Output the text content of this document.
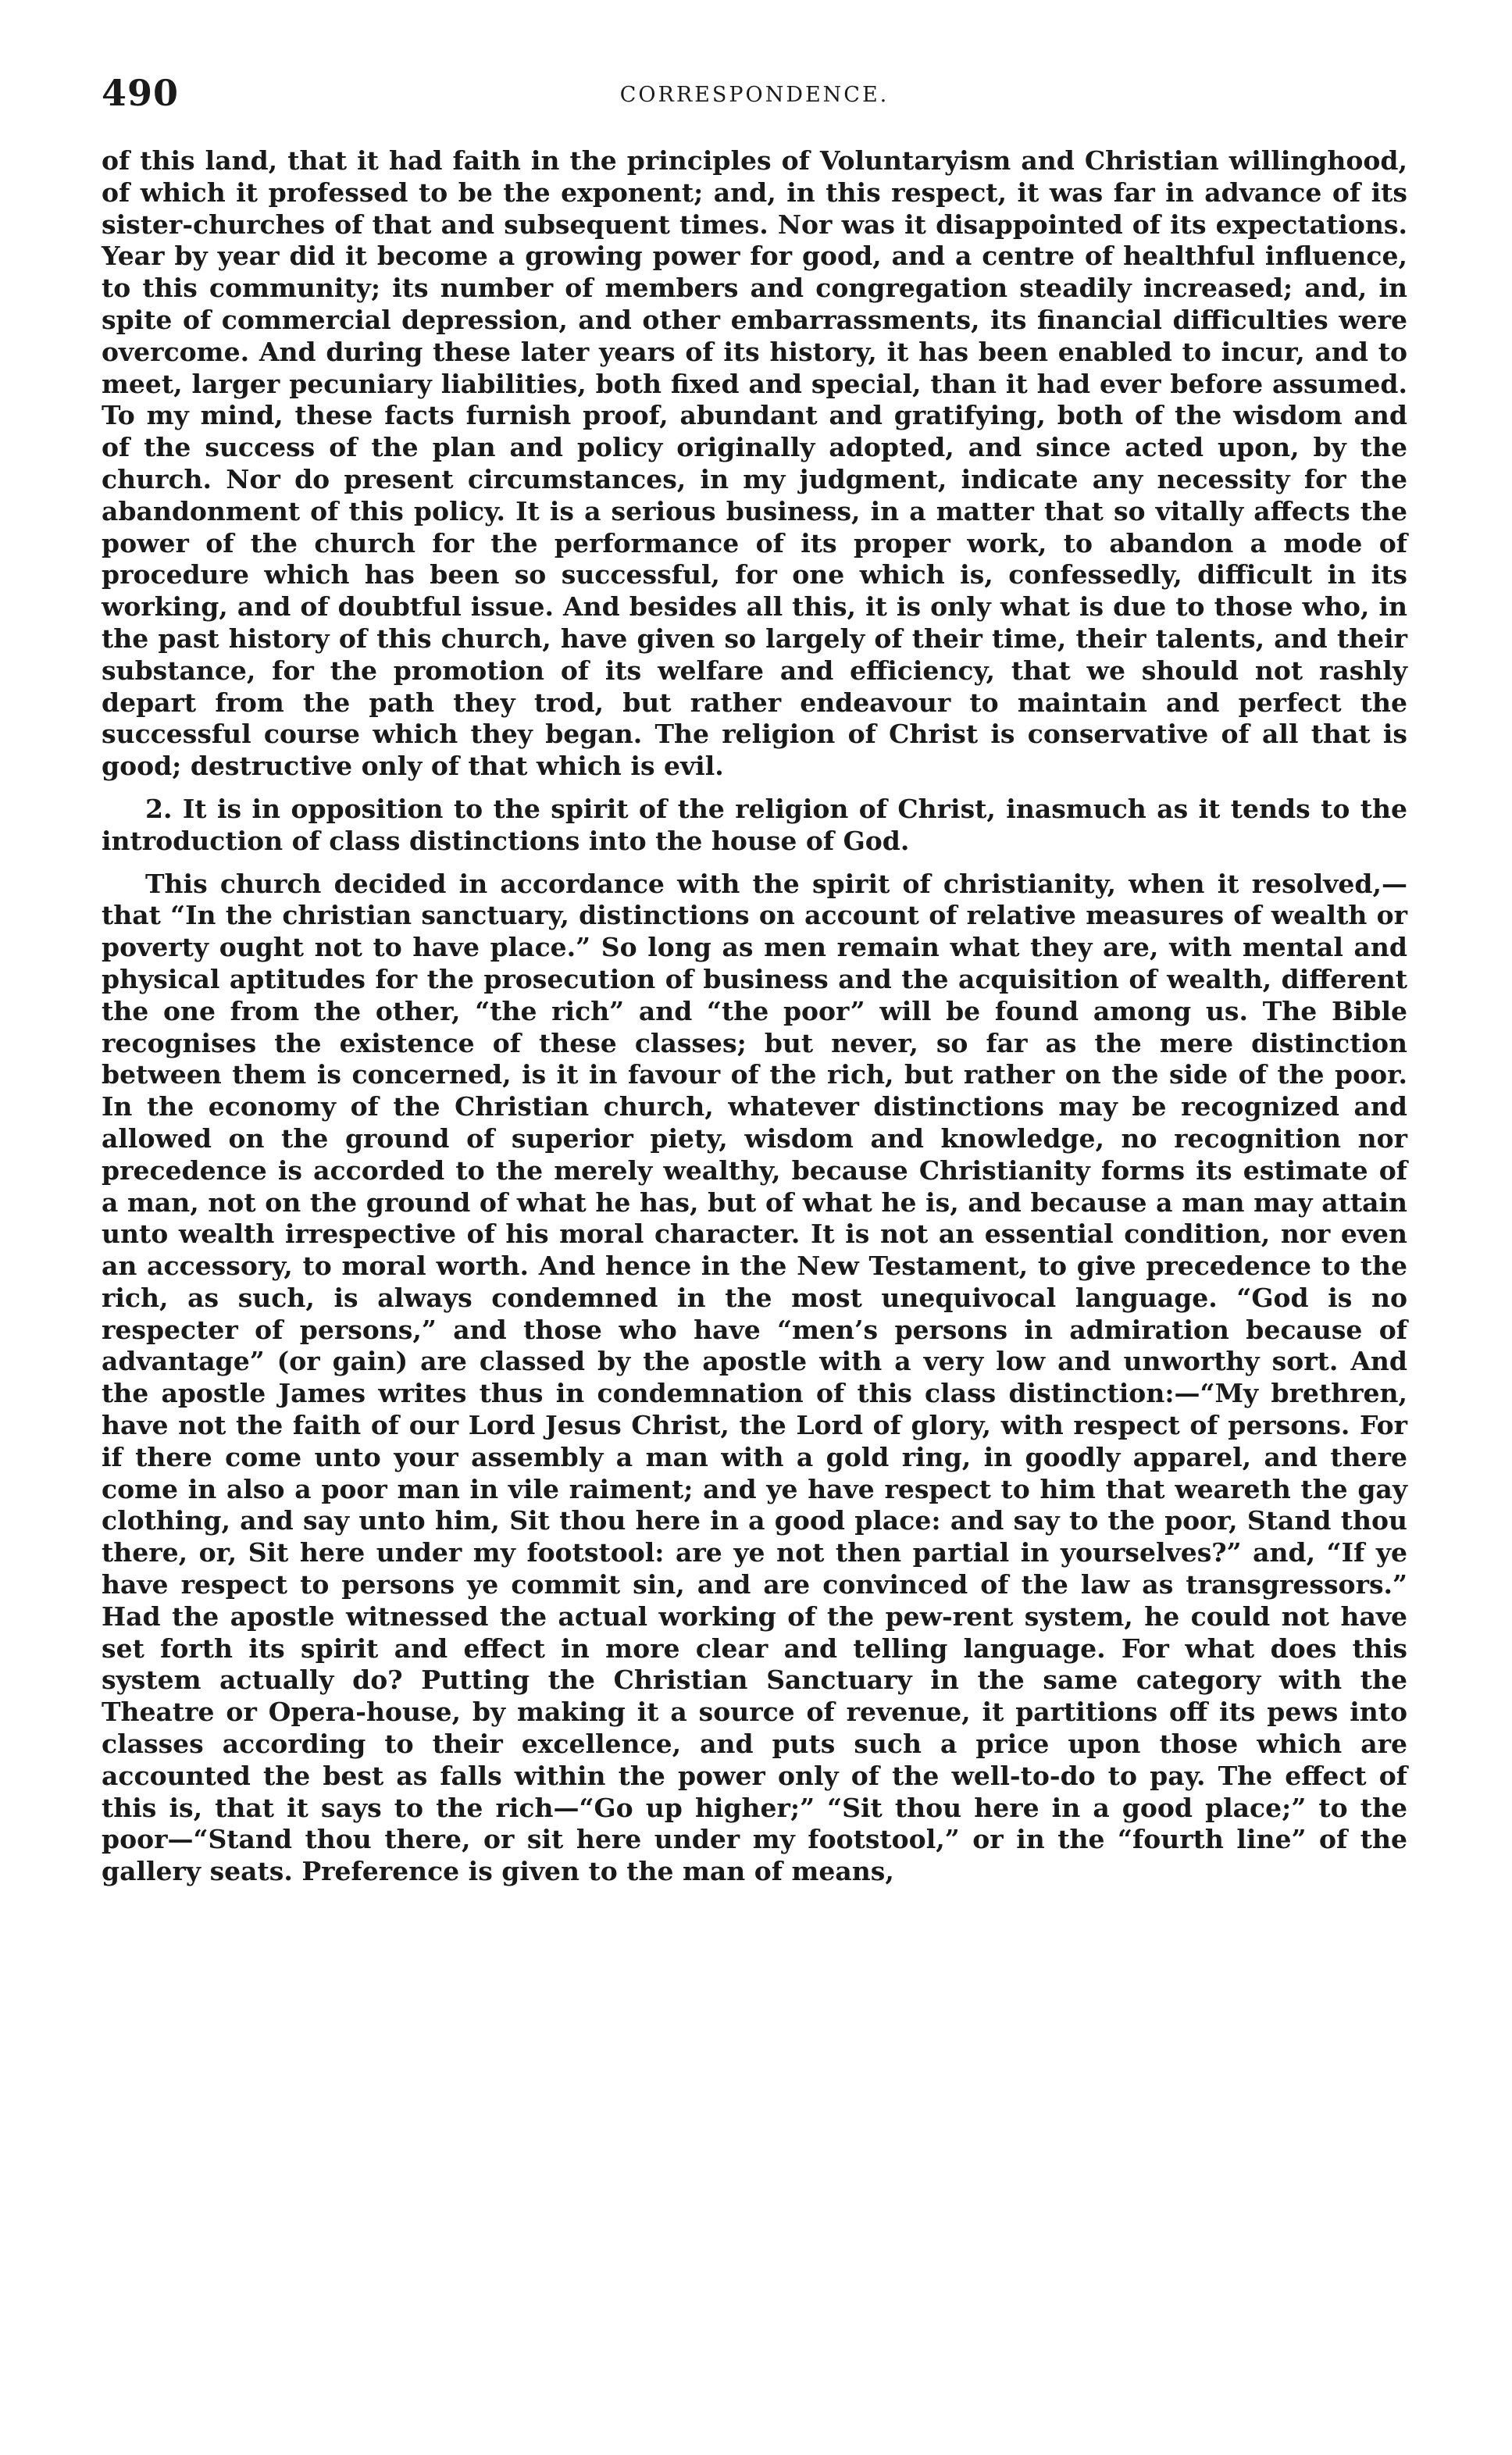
490	CORRESPONDENCE.

of this land, that it had faith in the principles of Voluntaryism and Christian willinghood, of which it professed to be the exponent; and, in this respect, it was far in advance of its sister-churches of that and subsequent times. Nor was it disappointed of its expectations. Year by year did it become a growing power for good, and a centre of healthful influence, to this community; its number of members and congregation steadily increased; and, in spite of commercial depression, and other embarrassments, its financial difficulties were overcome. And during these later years of its history, it has been enabled to incur, and to meet, larger pecuniary liabilities, both fixed and special, than it had ever before assumed. To my mind, these facts furnish proof, abundant and gratifying, both of the wisdom and of the success of the plan and policy originally adopted, and since acted upon, by the church. Nor do present circumstances, in my judgment, indicate any necessity for the abandonment of this policy. It is a serious business, in a matter that so vitally affects the power of the church for the performance of its proper work, to abandon a mode of procedure which has been so successful, for one which is, confessedly, difficult in its working, and of doubtful issue. And besides all this, it is only what is due to those who, in the past history of this church, have given so largely of their time, their talents, and their substance, for the promotion of its welfare and efficiency, that we should not rashly depart from the path they trod, but rather endeavour to maintain and perfect the successful course which they began. The religion of Christ is conservative of all that is good; destructive only of that which is evil.

2. It is in opposition to the spirit of the religion of Christ, inasmuch as it tends to the introduction of class distinctions into the house of God.

This church decided in accordance with the spirit of christianity, when it resolved,—that “In the christian sanctuary, distinctions on account of relative measures of wealth or poverty ought not to have place.” So long as men remain what they are, with mental and physical aptitudes for the prosecution of business and the acquisition of wealth, different the one from the other, “the rich” and “the poor” will be found among us. The Bible recognises the existence of these classes; but never, so far as the mere distinction between them is concerned, is it in favour of the rich, but rather on the side of the poor. In the economy of the Christian church, whatever distinctions may be recognized and allowed on the ground of superior piety, wisdom and knowledge, no recognition nor precedence is accorded to the merely wealthy, because Christianity forms its estimate of a man, not on the ground of what he has, but of what he is, and because a man may attain unto wealth irrespective of his moral character. It is not an essential condition, nor even an accessory, to moral worth. And hence in the New Testament, to give precedence to the rich, as such, is always condemned in the most unequivocal language. “God is no respecter of persons,” and those who have “men’s persons in admiration because of advantage” (or gain) are classed by the apostle with a very low and unworthy sort. And the apostle James writes thus in condemnation of this class distinction:—“My brethren, have not the faith of our Lord Jesus Christ, the Lord of glory, with respect of persons. For if there come unto your assembly a man with a gold ring, in goodly apparel, and there come in also a poor man in vile raiment; and ye have respect to him that weareth the gay clothing, and say unto him, Sit thou here in a good place: and say to the poor, Stand thou there, or, Sit here under my footstool: are ye not then partial in yourselves?” and, “If ye have respect to persons ye commit sin, and are convinced of the law as transgressors.” Had the apostle witnessed the actual working of the pew-rent system, he could not have set forth its spirit and effect in more clear and telling language. For what does this system actually do? Putting the Christian Sanctuary in the same category with the Theatre or Opera-house, by making it a source of revenue, it partitions off its pews into classes according to their excellence, and puts such a price upon those which are accounted the best as falls within the power only of the well-to-do to pay. The effect of this is, that it says to the rich—“Go up higher;” “Sit thou here in a good place;” to the poor—“Stand thou there, or sit here under my footstool,” or in the “fourth line” of the gallery seats. Preference is given to the man of means,
